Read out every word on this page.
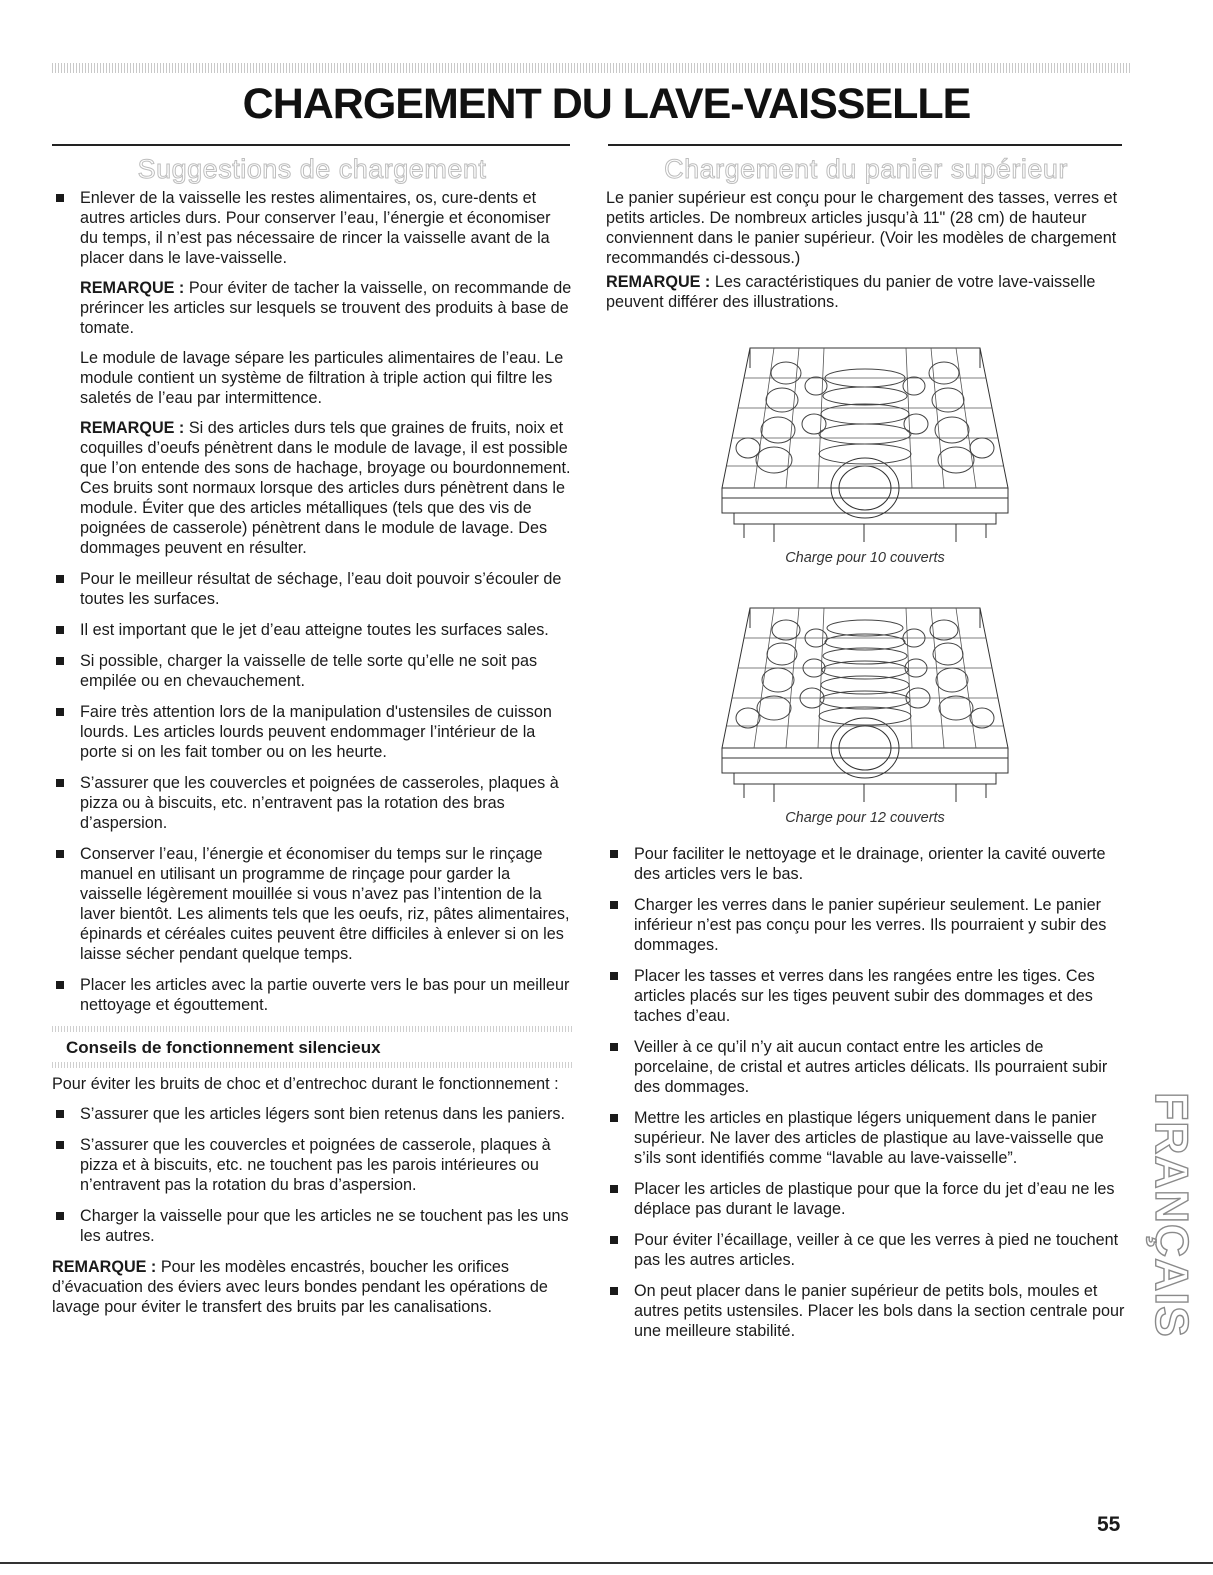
CHARGEMENT DU LAVE-VAISSELLE
Suggestions de chargement
Enlever de la vaisselle les restes alimentaires, os, cure-dents et autres articles durs. Pour conserver l’eau, l’énergie et économiser du temps, il n’est pas nécessaire de rincer la vaisselle avant de la placer dans le lave-vaisselle.
REMARQUE : Pour éviter de tacher la vaisselle, on recommande de prérincer les articles sur lesquels se trouvent des produits à base de tomate.
Le module de lavage sépare les particules alimentaires de l’eau. Le module contient un système de filtration à triple action qui filtre les saletés de l’eau par intermittence.
REMARQUE : Si des articles durs tels que graines de fruits, noix et coquilles d’oeufs pénètrent dans le module de lavage, il est possible que l’on entende des sons de hachage, broyage ou bourdonnement. Ces bruits sont normaux lorsque des articles durs pénètrent dans le module. Éviter que des articles métalliques (tels que des vis de poignées de casserole) pénètrent dans le module de lavage. Des dommages peuvent en résulter.
Pour le meilleur résultat de séchage, l’eau doit pouvoir s’écouler de toutes les surfaces.
Il est important que le jet d’eau atteigne toutes les surfaces sales.
Si possible, charger la vaisselle de telle sorte qu’elle ne soit pas empilée ou en chevauchement.
Faire très attention lors de la manipulation d'ustensiles de cuisson lourds. Les articles lourds peuvent endommager l’intérieur de la porte si on les fait tomber ou on les heurte.
S’assurer que les couvercles et poignées de casseroles, plaques à pizza ou à biscuits, etc. n’entravent pas la rotation des bras d’aspersion.
Conserver l’eau, l’énergie et économiser du temps sur le rinçage manuel en utilisant un programme de rinçage pour garder la vaisselle légèrement mouillée si vous n’avez pas l’intention de la laver bientôt. Les aliments tels que les oeufs, riz, pâtes alimentaires, épinards et céréales cuites peuvent être difficiles à enlever si on les laisse sécher pendant quelque temps.
Placer les articles avec la partie ouverte vers le bas pour un meilleur nettoyage et égouttement.
Conseils de fonctionnement silencieux
Pour éviter les bruits de choc et d’entrechoc durant le fonctionnement :
S’assurer que les articles légers sont bien retenus dans les paniers.
S’assurer que les couvercles et poignées de casserole, plaques à pizza et à biscuits, etc. ne touchent pas les parois intérieures ou n’entravent pas la rotation du bras d’aspersion.
Charger la vaisselle pour que les articles ne se touchent pas les uns les autres.
REMARQUE : Pour les modèles encastrés, boucher les orifices d’évacuation des éviers avec leurs bondes pendant les opérations de lavage pour éviter le transfert des bruits par les canalisations.
Chargement du panier supérieur
Le panier supérieur est conçu pour le chargement des tasses, verres et petits articles. De nombreux articles jusqu’à 11" (28 cm) de hauteur conviennent dans le panier supérieur. (Voir les modèles de chargement recommandés ci-dessous.)
REMARQUE : Les caractéristiques du panier de votre lave-vaisselle peuvent différer des illustrations.
Charge pour 10 couverts
Charge pour 12 couverts
Pour faciliter le nettoyage et le drainage, orienter la cavité ouverte des articles vers le bas.
Charger les verres dans le panier supérieur seulement. Le panier inférieur n’est pas conçu pour les verres. Ils pourraient y subir des dommages.
Placer les tasses et verres dans les rangées entre les tiges. Ces articles placés sur les tiges peuvent subir des dommages et des taches d’eau.
Veiller à ce qu’il n’y ait aucun contact entre les articles de porcelaine, de cristal et autres articles délicats. Ils pourraient subir des dommages.
Mettre les articles en plastique légers uniquement dans le panier supérieur. Ne laver des articles de plastique au lave-vaisselle que s’ils sont identifiés comme “lavable au lave-vaisselle”.
Placer les articles de plastique pour que la force du jet d’eau ne les déplace pas durant le lavage.
Pour éviter l’écaillage, veiller à ce que les verres à pied ne touchent pas les autres articles.
On peut placer dans le panier supérieur de petits bols, moules et autres petits ustensiles. Placer les bols dans la section centrale pour une meilleure stabilité.	FRANÇAIS
55
